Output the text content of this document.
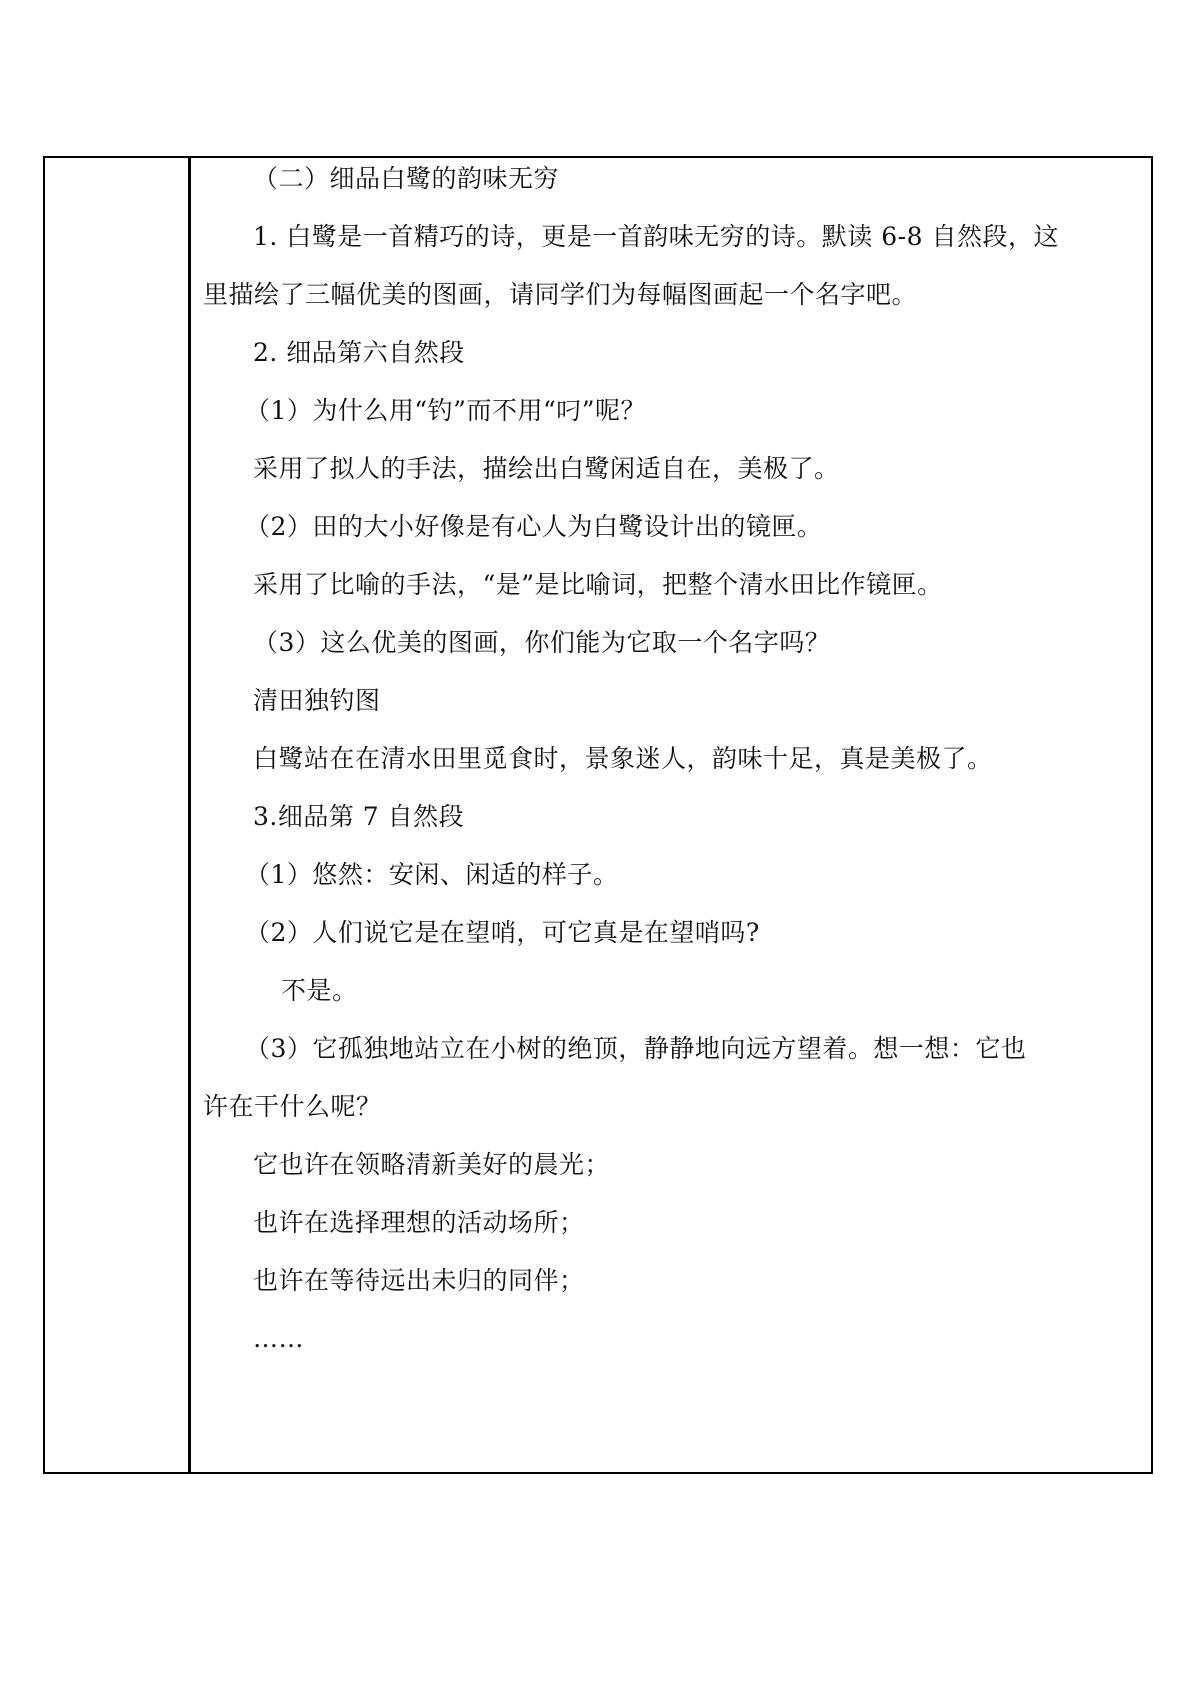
（二）细品白鹭的韵味无穷
1. 白鹭是一首精巧的诗，更是一首韵味无穷的诗。默读 6-8 自然段，这
里描绘了三幅优美的图画，请同学们为每幅图画起一个名字吧。
2. 细品第六自然段
（1）为什么用“钓”而不用“叼”呢？
采用了拟人的手法，描绘出白鹭闲适自在，美极了。
（2）田的大小好像是有心人为白鹭设计出的镜匣。
采用了比喻的手法，“是”是比喻词，把整个清水田比作镜匣。
（3）这么优美的图画，你们能为它取一个名字吗？
清田独钓图
白鹭站在在清水田里觅食时，景象迷人，韵味十足，真是美极了。
3.细品第 7 自然段
（1）悠然：安闲、闲适的样子。
（2）人们说它是在望哨，可它真是在望哨吗?
不是。
（3）它孤独地站立在小树的绝顶，静静地向远方望着。想一想：它也
许在干什么呢？
它也许在领略清新美好的晨光；
也许在选择理想的活动场所；
也许在等待远出未归的同伴；
……
